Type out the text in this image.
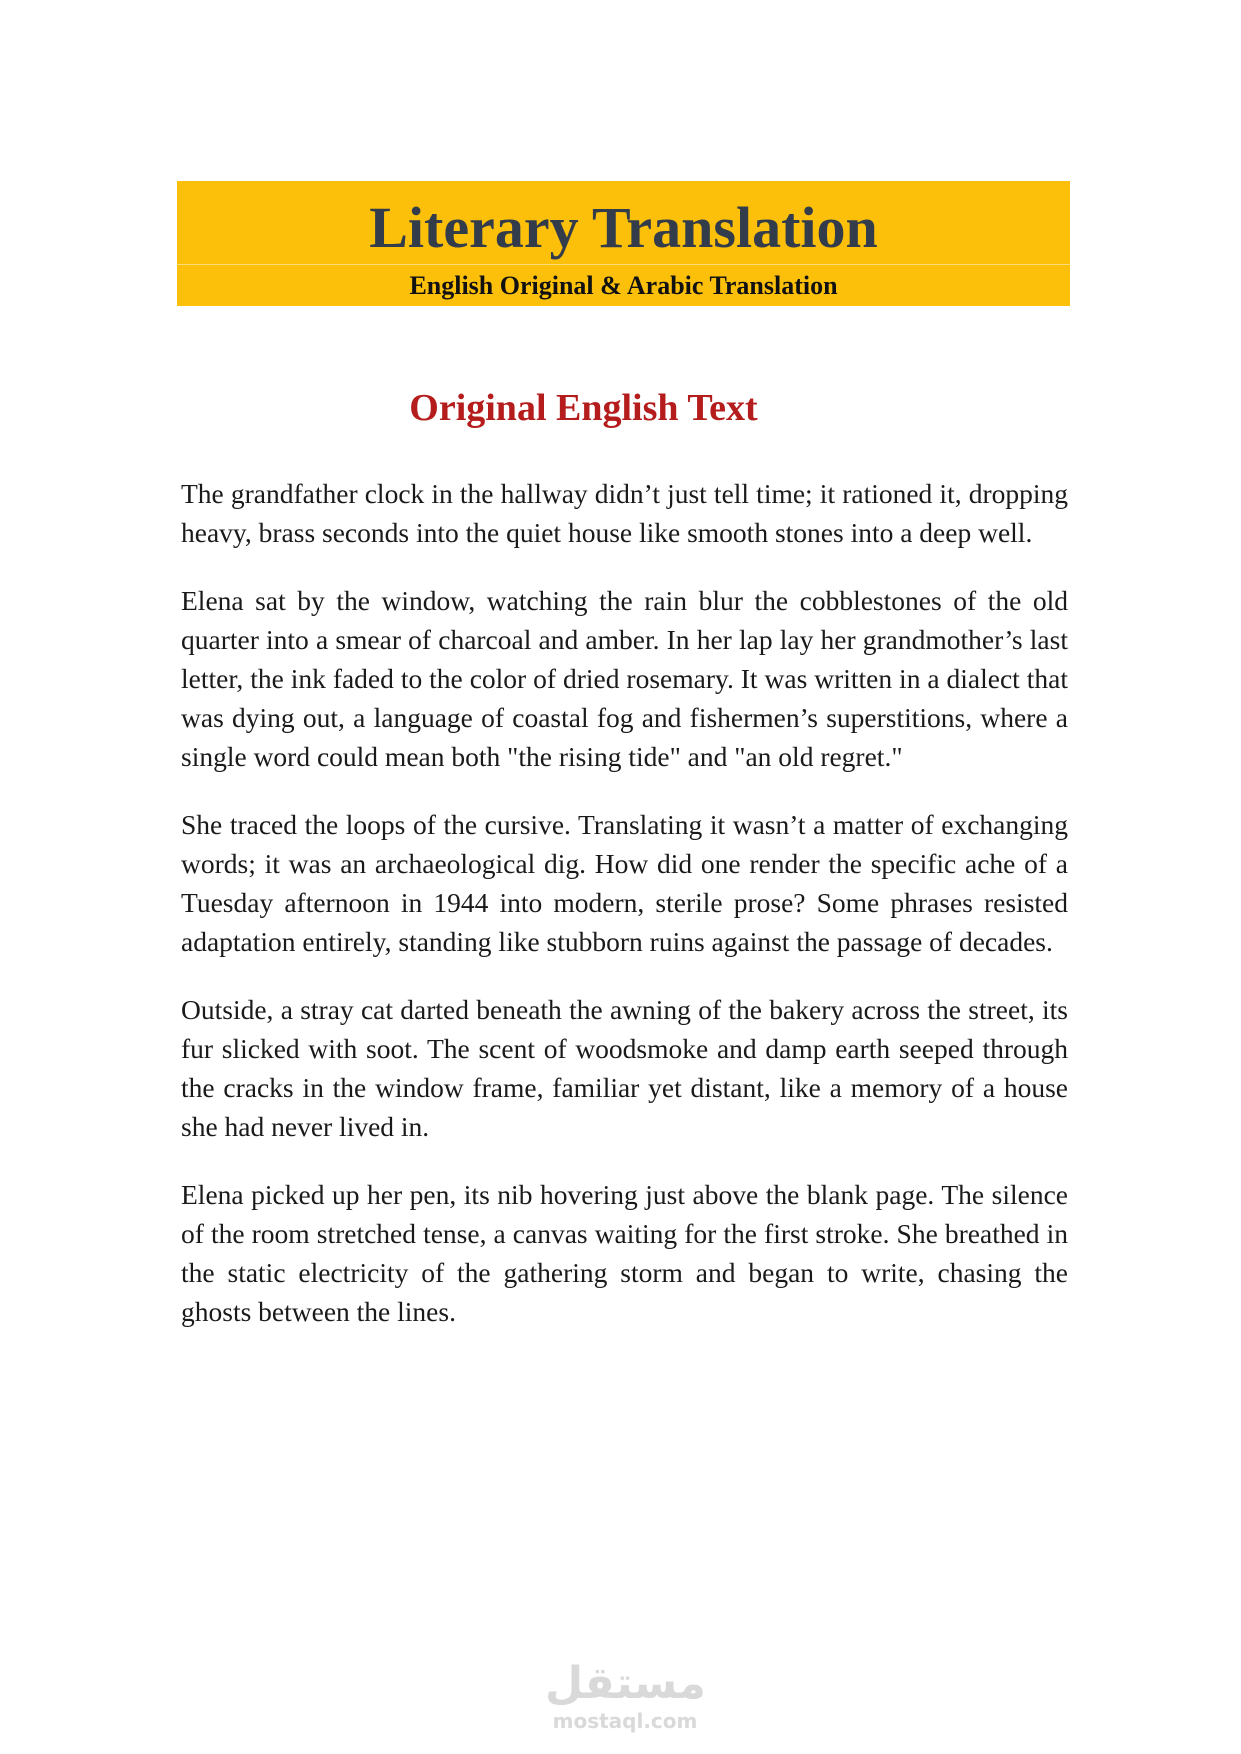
Literary Translation
English Original & Arabic Translation
Original English Text

The grandfather clock in the hallway didn’t just tell time; it rationed it, dropping heavy, brass seconds into the quiet house like smooth stones into a deep well.

Elena sat by the window, watching the rain blur the cobblestones of the old quarter into a smear of charcoal and amber. In her lap lay her grandmother’s last letter, the ink faded to the color of dried rosemary. It was written in a dialect that was dying out, a language of coastal fog and fishermen’s superstitions, where a single word could mean both "the rising tide" and "an old regret."

She traced the loops of the cursive. Translating it wasn’t a matter of exchanging words; it was an archaeological dig. How did one render the specific ache of a Tuesday afternoon in 1944 into modern, sterile prose? Some phrases resisted adaptation entirely, standing like stubborn ruins against the passage of decades.

Outside, a stray cat darted beneath the awning of the bakery across the street, its fur slicked with soot. The scent of woodsmoke and damp earth seeped through the cracks in the window frame, familiar yet distant, like a memory of a house she had never lived in.

Elena picked up her pen, its nib hovering just above the blank page. The silence of the room stretched tense, a canvas waiting for the first stroke. She breathed in the static electricity of the gathering storm and began to write, chasing the ghosts between the lines.

مستقل
mostaql.com
